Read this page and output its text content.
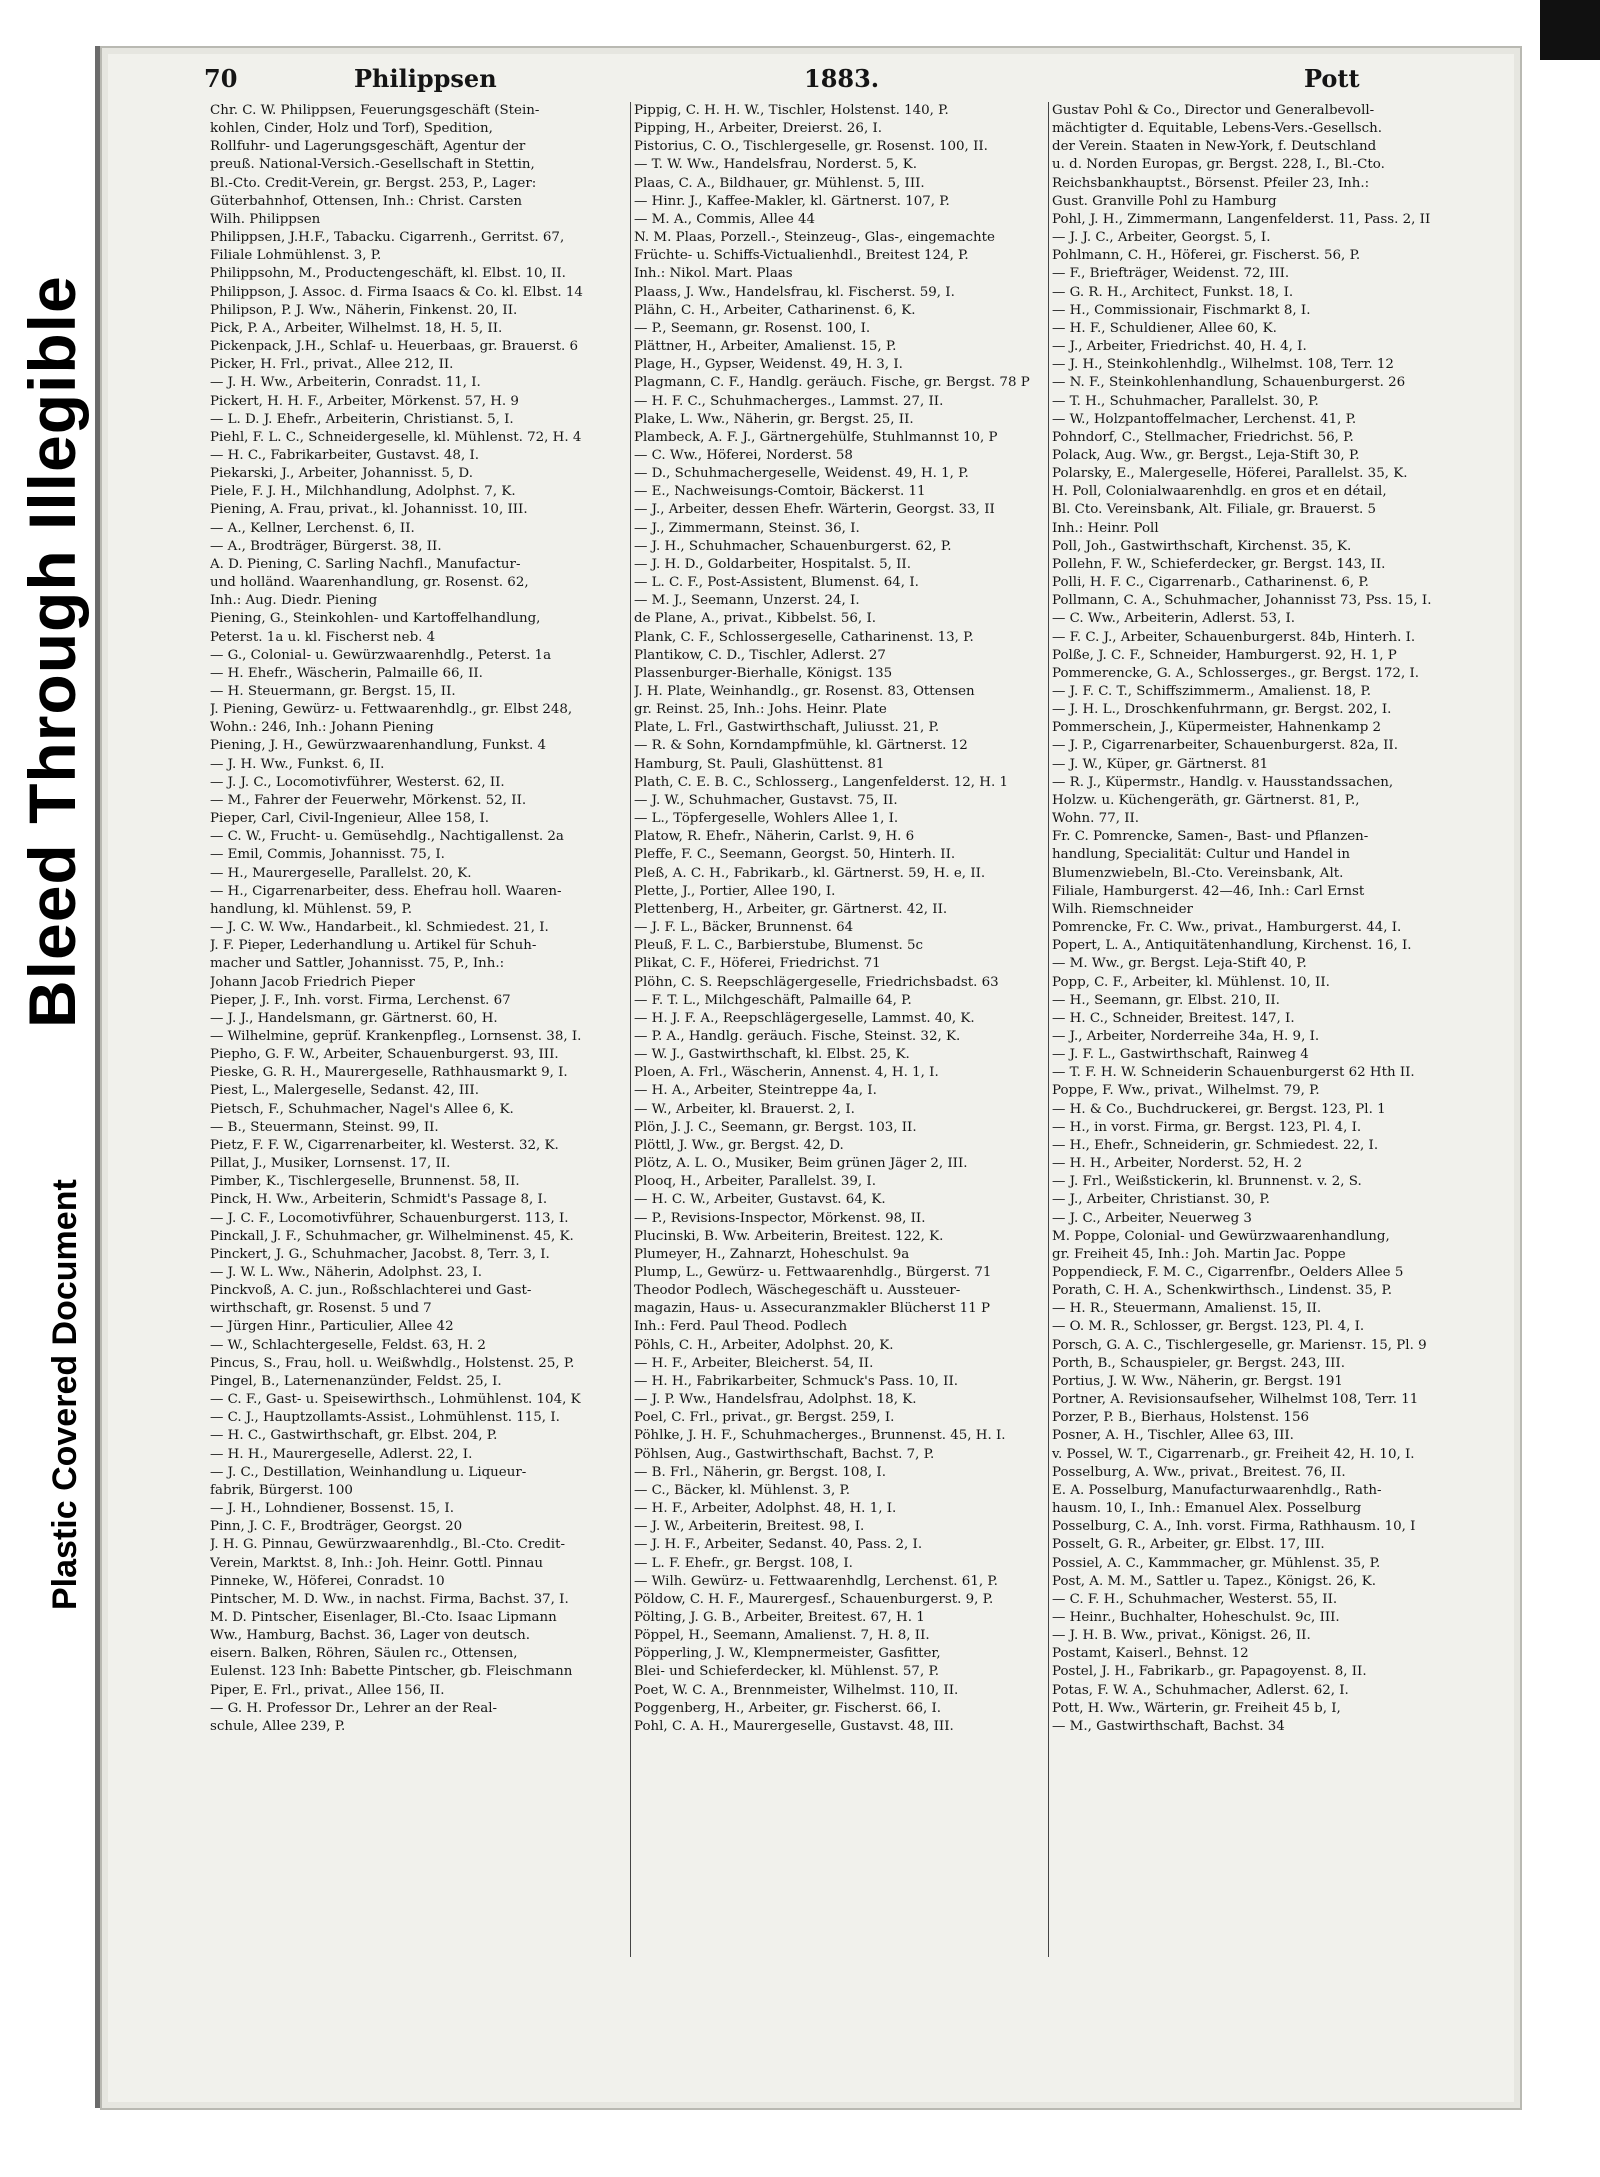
Bleed Through Illegible
Plastic Covered Document
70	Philippsen	1883.	Pott
Chr. C. W. Philippsen, Feuerungsgeschäft (Stein-
kohlen, Cinder, Holz und Torf), Spedition,
Rollfuhr- und Lagerungsgeschäft, Agentur der
preuß. National-Versich.-Gesellschaft in Stettin,
Bl.-Cto. Credit-Verein, gr. Bergst. 253, P., Lager:
Güterbahnhof, Ottensen, Inh.: Christ. Carsten
Wilh. Philippsen
Philippsen, J.H.F., Tabacku. Cigarrenh., Gerritst. 67,
Filiale Lohmühlenst. 3, P.
Philippsohn, M., Productengeschäft, kl. Elbst. 10, II.
Philippson, J. Assoc. d. Firma Isaacs & Co. kl. Elbst. 14
Philipson, P. J. Ww., Näherin, Finkenst. 20, II.
Pick, P. A., Arbeiter, Wilhelmst. 18, H. 5, II.
Pickenpack, J.H., Schlaf- u. Heuerbaas, gr. Brauerst. 6
Picker, H. Frl., privat., Allee 212, II.
— J. H. Ww., Arbeiterin, Conradst. 11, I.
Pickert, H. H. F., Arbeiter, Mörkenst. 57, H. 9
— L. D. J. Ehefr., Arbeiterin, Christianst. 5, I.
Piehl, F. L. C., Schneidergeselle, kl. Mühlenst. 72, H. 4
— H. C., Fabrikarbeiter, Gustavst. 48, I.
Piekarski, J., Arbeiter, Johannisst. 5, D.
Piele, F. J. H., Milchhandlung, Adolphst. 7, K.
Piening, A. Frau, privat., kl. Johannisst. 10, III.
— A., Kellner, Lerchenst. 6, II.
— A., Brodträger, Bürgerst. 38, II.
A. D. Piening, C. Sarling Nachfl., Manufactur-
und holländ. Waarenhandlung, gr. Rosenst. 62,
Inh.: Aug. Diedr. Piening
Piening, G., Steinkohlen- und Kartoffelhandlung,
Peterst. 1a u. kl. Fischerst neb. 4
— G., Colonial- u. Gewürzwaarenhdlg., Peterst. 1a
— H. Ehefr., Wäscherin, Palmaille 66, II.
— H. Steuermann, gr. Bergst. 15, II.
J. Piening, Gewürz- u. Fettwaarenhdlg., gr. Elbst 248,
Wohn.: 246, Inh.: Johann Piening
Piening, J. H., Gewürzwaarenhandlung, Funkst. 4
— J. H. Ww., Funkst. 6, II.
— J. J. C., Locomotivführer, Westerst. 62, II.
— M., Fahrer der Feuerwehr, Mörkenst. 52, II.
Pieper, Carl, Civil-Ingenieur, Allee 158, I.
— C. W., Frucht- u. Gemüsehdlg., Nachtigallenst. 2a
— Emil, Commis, Johannisst. 75, I.
— H., Maurergeselle, Parallelst. 20, K.
— H., Cigarrenarbeiter, dess. Ehefrau holl. Waaren-
handlung, kl. Mühlenst. 59, P.
— J. C. W. Ww., Handarbeit., kl. Schmiedest. 21, I.
J. F. Pieper, Lederhandlung u. Artikel für Schuh-
macher und Sattler, Johannisst. 75, P., Inh.:
Johann Jacob Friedrich Pieper
Pieper, J. F., Inh. vorst. Firma, Lerchenst. 67
— J. J., Handelsmann, gr. Gärtnerst. 60, H.
— Wilhelmine, geprüf. Krankenpfleg., Lornsenst. 38, I.
Piepho, G. F. W., Arbeiter, Schauenburgerst. 93, III.
Pieske, G. R. H., Maurergeselle, Rathhausmarkt 9, I.
Piest, L., Malergeselle, Sedanst. 42, III.
Pietsch, F., Schuhmacher, Nagel's Allee 6, K.
— B., Steuermann, Steinst. 99, II.
Pietz, F. F. W., Cigarrenarbeiter, kl. Westerst. 32, K.
Pillat, J., Musiker, Lornsenst. 17, II.
Pimber, K., Tischlergeselle, Brunnenst. 58, II.
Pinck, H. Ww., Arbeiterin, Schmidt's Passage 8, I.
— J. C. F., Locomotivführer, Schauenburgerst. 113, I.
Pinckall, J. F., Schuhmacher, gr. Wilhelminenst. 45, K.
Pinckert, J. G., Schuhmacher, Jacobst. 8, Terr. 3, I.
— J. W. L. Ww., Näherin, Adolphst. 23, I.
Pinckvoß, A. C. jun., Roßschlachterei und Gast-
wirthschaft, gr. Rosenst. 5 und 7
— Jürgen Hinr., Particulier, Allee 42
— W., Schlachtergeselle, Feldst. 63, H. 2
Pincus, S., Frau, holl. u. Weißwhdlg., Holstenst. 25, P.
Pingel, B., Laternenanzünder, Feldst. 25, I.
— C. F., Gast- u. Speisewirthsch., Lohmühlenst. 104, K
— C. J., Hauptzollamts-Assist., Lohmühlenst. 115, I.
— H. C., Gastwirthschaft, gr. Elbst. 204, P.
— H. H., Maurergeselle, Adlerst. 22, I.
— J. C., Destillation, Weinhandlung u. Liqueur-
fabrik, Bürgerst. 100
— J. H., Lohndiener, Bossenst. 15, I.
Pinn, J. C. F., Brodträger, Georgst. 20
J. H. G. Pinnau, Gewürzwaarenhdlg., Bl.-Cto. Credit-
Verein, Marktst. 8, Inh.: Joh. Heinr. Gottl. Pinnau
Pinneke, W., Höferei, Conradst. 10
Pintscher, M. D. Ww., in nachst. Firma, Bachst. 37, I.
M. D. Pintscher, Eisenlager, Bl.-Cto. Isaac Lipmann
Ww., Hamburg, Bachst. 36, Lager von deutsch.
eisern. Balken, Röhren, Säulen rc., Ottensen,
Eulenst. 123 Inh: Babette Pintscher, gb. Fleischmann
Piper, E. Frl., privat., Allee 156, II.
— G. H. Professor Dr., Lehrer an der Real-
schule, Allee 239, P.
Pippig, C. H. H. W., Tischler, Holstenst. 140, P.
Pipping, H., Arbeiter, Dreierst. 26, I.
Pistorius, C. O., Tischlergeselle, gr. Rosenst. 100, II.
— T. W. Ww., Handelsfrau, Norderst. 5, K.
Plaas, C. A., Bildhauer, gr. Mühlenst. 5, III.
— Hinr. J., Kaffee-Makler, kl. Gärtnerst. 107, P.
— M. A., Commis, Allee 44
N. M. Plaas, Porzell.-, Steinzeug-, Glas-, eingemachte
Früchte- u. Schiffs-Victualienhdl., Breitest 124, P.
Inh.: Nikol. Mart. Plaas
Plaass, J. Ww., Handelsfrau, kl. Fischerst. 59, I.
Plähn, C. H., Arbeiter, Catharinenst. 6, K.
— P., Seemann, gr. Rosenst. 100, I.
Plättner, H., Arbeiter, Amalienst. 15, P.
Plage, H., Gypser, Weidenst. 49, H. 3, I.
Plagmann, C. F., Handlg. geräuch. Fische, gr. Bergst. 78 P
— H. F. C., Schuhmacherges., Lammst. 27, II.
Plake, L. Ww., Näherin, gr. Bergst. 25, II.
Plambeck, A. F. J., Gärtnergehülfe, Stuhlmannst 10, P
— C. Ww., Höferei, Norderst. 58
— D., Schuhmachergeselle, Weidenst. 49, H. 1, P.
— E., Nachweisungs-Comtoir, Bäckerst. 11
— J., Arbeiter, dessen Ehefr. Wärterin, Georgst. 33, II
— J., Zimmermann, Steinst. 36, I.
— J. H., Schuhmacher, Schauenburgerst. 62, P.
— J. H. D., Goldarbeiter, Hospitalst. 5, II.
— L. C. F., Post-Assistent, Blumenst. 64, I.
— M. J., Seemann, Unzerst. 24, I.
de Plane, A., privat., Kibbelst. 56, I.
Plank, C. F., Schlossergeselle, Catharinenst. 13, P.
Plantikow, C. D., Tischler, Adlerst. 27
Plassenburger-Bierhalle, Königst. 135
J. H. Plate, Weinhandlg., gr. Rosenst. 83, Ottensen
gr. Reinst. 25, Inh.: Johs. Heinr. Plate
Plate, L. Frl., Gastwirthschaft, Juliusst. 21, P.
— R. & Sohn, Korndampfmühle, kl. Gärtnerst. 12
Hamburg, St. Pauli, Glashüttenst. 81
Plath, C. E. B. C., Schlosserg., Langenfelderst. 12, H. 1
— J. W., Schuhmacher, Gustavst. 75, II.
— L., Töpfergeselle, Wohlers Allee 1, I.
Platow, R. Ehefr., Näherin, Carlst. 9, H. 6
Pleffe, F. C., Seemann, Georgst. 50, Hinterh. II.
Pleß, A. C. H., Fabrikarb., kl. Gärtnerst. 59, H. e, II.
Plette, J., Portier, Allee 190, I.
Plettenberg, H., Arbeiter, gr. Gärtnerst. 42, II.
— J. F. L., Bäcker, Brunnenst. 64
Pleuß, F. L. C., Barbierstube, Blumenst. 5c
Plikat, C. F., Höferei, Friedrichst. 71
Plöhn, C. S. Reepschlägergeselle, Friedrichsbadst. 63
— F. T. L., Milchgeschäft, Palmaille 64, P.
— H. J. F. A., Reepschlägergeselle, Lammst. 40, K.
— P. A., Handlg. geräuch. Fische, Steinst. 32, K.
— W. J., Gastwirthschaft, kl. Elbst. 25, K.
Ploen, A. Frl., Wäscherin, Annenst. 4, H. 1, I.
— H. A., Arbeiter, Steintreppe 4a, I.
— W., Arbeiter, kl. Brauerst. 2, I.
Plön, J. J. C., Seemann, gr. Bergst. 103, II.
Plöttl, J. Ww., gr. Bergst. 42, D.
Plötz, A. L. O., Musiker, Beim grünen Jäger 2, III.
Plooq, H., Arbeiter, Parallelst. 39, I.
— H. C. W., Arbeiter, Gustavst. 64, K.
— P., Revisions-Inspector, Mörkenst. 98, II.
Plucinski, B. Ww. Arbeiterin, Breitest. 122, K.
Plumeyer, H., Zahnarzt, Hoheschulst. 9a
Plump, L., Gewürz- u. Fettwaarenhdlg., Bürgerst. 71
Theodor Podlech, Wäschegeschäft u. Aussteuer-
magazin, Haus- u. Assecuranzmakler Blücherst 11 P
Inh.: Ferd. Paul Theod. Podlech
Pöhls, C. H., Arbeiter, Adolphst. 20, K.
— H. F., Arbeiter, Bleicherst. 54, II.
— H. H., Fabrikarbeiter, Schmuck's Pass. 10, II.
— J. P. Ww., Handelsfrau, Adolphst. 18, K.
Poel, C. Frl., privat., gr. Bergst. 259, I.
Pöhlke, J. H. F., Schuhmacherges., Brunnenst. 45, H. I.
Pöhlsen, Aug., Gastwirthschaft, Bachst. 7, P.
— B. Frl., Näherin, gr. Bergst. 108, I.
— C., Bäcker, kl. Mühlenst. 3, P.
— H. F., Arbeiter, Adolphst. 48, H. 1, I.
— J. W., Arbeiterin, Breitest. 98, I.
— J. H. F., Arbeiter, Sedanst. 40, Pass. 2, I.
— L. F. Ehefr., gr. Bergst. 108, I.
— Wilh. Gewürz- u. Fettwaarenhdlg, Lerchenst. 61, P.
Pöldow, C. H. F., Maurergesf., Schauenburgerst. 9, P.
Pölting, J. G. B., Arbeiter, Breitest. 67, H. 1
Pöppel, H., Seemann, Amalienst. 7, H. 8, II.
Pöpperling, J. W., Klempnermeister, Gasfitter,
Blei- und Schieferdecker, kl. Mühlenst. 57, P.
Poet, W. C. A., Brennmeister, Wilhelmst. 110, II.
Poggenberg, H., Arbeiter, gr. Fischerst. 66, I.
Pohl, C. A. H., Maurergeselle, Gustavst. 48, III.
Gustav Pohl & Co., Director und Generalbevoll-
mächtigter d. Equitable, Lebens-Vers.-Gesellsch.
der Verein. Staaten in New-York, f. Deutschland
u. d. Norden Europas, gr. Bergst. 228, I., Bl.-Cto.
Reichsbankhauptst., Börsenst. Pfeiler 23, Inh.:
Gust. Granville Pohl zu Hamburg
Pohl, J. H., Zimmermann, Langenfelderst. 11, Pass. 2, II
— J. J. C., Arbeiter, Georgst. 5, I.
Pohlmann, C. H., Höferei, gr. Fischerst. 56, P.
— F., Briefträger, Weidenst. 72, III.
— G. R. H., Architect, Funkst. 18, I.
— H., Commissionair, Fischmarkt 8, I.
— H. F., Schuldiener, Allee 60, K.
— J., Arbeiter, Friedrichst. 40, H. 4, I.
— J. H., Steinkohlenhdlg., Wilhelmst. 108, Terr. 12
— N. F., Steinkohlenhandlung, Schauenburgerst. 26
— T. H., Schuhmacher, Parallelst. 30, P.
— W., Holzpantoffelmacher, Lerchenst. 41, P.
Pohndorf, C., Stellmacher, Friedrichst. 56, P.
Polack, Aug. Ww., gr. Bergst., Leja-Stift 30, P.
Polarsky, E., Malergeselle, Höferei, Parallelst. 35, K.
H. Poll, Colonialwaarenhdlg. en gros et en détail,
Bl. Cto. Vereinsbank, Alt. Filiale, gr. Brauerst. 5
Inh.: Heinr. Poll
Poll, Joh., Gastwirthschaft, Kirchenst. 35, K.
Pollehn, F. W., Schieferdecker, gr. Bergst. 143, II.
Polli, H. F. C., Cigarrenarb., Catharinenst. 6, P.
Pollmann, C. A., Schuhmacher, Johannisst 73, Pss. 15, I.
— C. Ww., Arbeiterin, Adlerst. 53, I.
— F. C. J., Arbeiter, Schauenburgerst. 84b, Hinterh. I.
Polße, J. C. F., Schneider, Hamburgerst. 92, H. 1, P
Pommerencke, G. A., Schlosserges., gr. Bergst. 172, I.
— J. F. C. T., Schiffszimmerm., Amalienst. 18, P.
— J. H. L., Droschkenfuhrmann, gr. Bergst. 202, I.
Pommerschein, J., Küpermeister, Hahnenkamp 2
— J. P., Cigarrenarbeiter, Schauenburgerst. 82a, II.
— J. W., Küper, gr. Gärtnerst. 81
— R. J., Küpermstr., Handlg. v. Hausstandssachen,
Holzw. u. Küchengeräth, gr. Gärtnerst. 81, P.,
Wohn. 77, II.
Fr. C. Pomrencke, Samen-, Bast- und Pflanzen-
handlung, Specialität: Cultur und Handel in
Blumenzwiebeln, Bl.-Cto. Vereinsbank, Alt.
Filiale, Hamburgerst. 42—46, Inh.: Carl Ernst
Wilh. Riemschneider
Pomrencke, Fr. C. Ww., privat., Hamburgerst. 44, I.
Popert, L. A., Antiquitätenhandlung, Kirchenst. 16, I.
— M. Ww., gr. Bergst. Leja-Stift 40, P.
Popp, C. F., Arbeiter, kl. Mühlenst. 10, II.
— H., Seemann, gr. Elbst. 210, II.
— H. C., Schneider, Breitest. 147, I.
— J., Arbeiter, Norderreihe 34a, H. 9, I.
— J. F. L., Gastwirthschaft, Rainweg 4
— T. F. H. W. Schneiderin Schauenburgerst 62 Hth II.
Poppe, F. Ww., privat., Wilhelmst. 79, P.
— H. & Co., Buchdruckerei, gr. Bergst. 123, Pl. 1
— H., in vorst. Firma, gr. Bergst. 123, Pl. 4, I.
— H., Ehefr., Schneiderin, gr. Schmiedest. 22, I.
— H. H., Arbeiter, Norderst. 52, H. 2
— J. Frl., Weißstickerin, kl. Brunnenst. v. 2, S.
— J., Arbeiter, Christianst. 30, P.
— J. C., Arbeiter, Neuerweg 3
M. Poppe, Colonial- und Gewürzwaarenhandlung,
gr. Freiheit 45, Inh.: Joh. Martin Jac. Poppe
Poppendieck, F. M. C., Cigarrenfbr., Oelders Allee 5
Porath, C. H. A., Schenkwirthsch., Lindenst. 35, P.
— H. R., Steuermann, Amalienst. 15, II.
— O. M. R., Schlosser, gr. Bergst. 123, Pl. 4, I.
Porsch, G. A. C., Tischlergeselle, gr. Mariensт. 15, Pl. 9
Porth, B., Schauspieler, gr. Bergst. 243, III.
Portius, J. W. Ww., Näherin, gr. Bergst. 191
Portner, A. Revisionsaufseher, Wilhelmst 108, Terr. 11
Porzer, P. B., Bierhaus, Holstenst. 156
Posner, A. H., Tischler, Allee 63, III.
v. Possel, W. T., Cigarrenarb., gr. Freiheit 42, H. 10, I.
Posselburg, A. Ww., privat., Breitest. 76, II.
E. A. Posselburg, Manufacturwaarenhdlg., Rath-
hausm. 10, I., Inh.: Emanuel Alex. Posselburg
Posselburg, C. A., Inh. vorst. Firma, Rathhausm. 10, I
Posselt, G. R., Arbeiter, gr. Elbst. 17, III.
Possiel, A. C., Kammmacher, gr. Mühlenst. 35, P.
Post, A. M. M., Sattler u. Tapez., Königst. 26, K.
— C. F. H., Schuhmacher, Westerst. 55, II.
— Heinr., Buchhalter, Hoheschulst. 9c, III.
— J. H. B. Ww., privat., Königst. 26, II.
Postamt, Kaiserl., Behnst. 12
Postel, J. H., Fabrikarb., gr. Papagoyenst. 8, II.
Potas, F. W. A., Schuhmacher, Adlerst. 62, I.
Pott, H. Ww., Wärterin, gr. Freiheit 45 b, I,
— M., Gastwirthschaft, Bachst. 34
